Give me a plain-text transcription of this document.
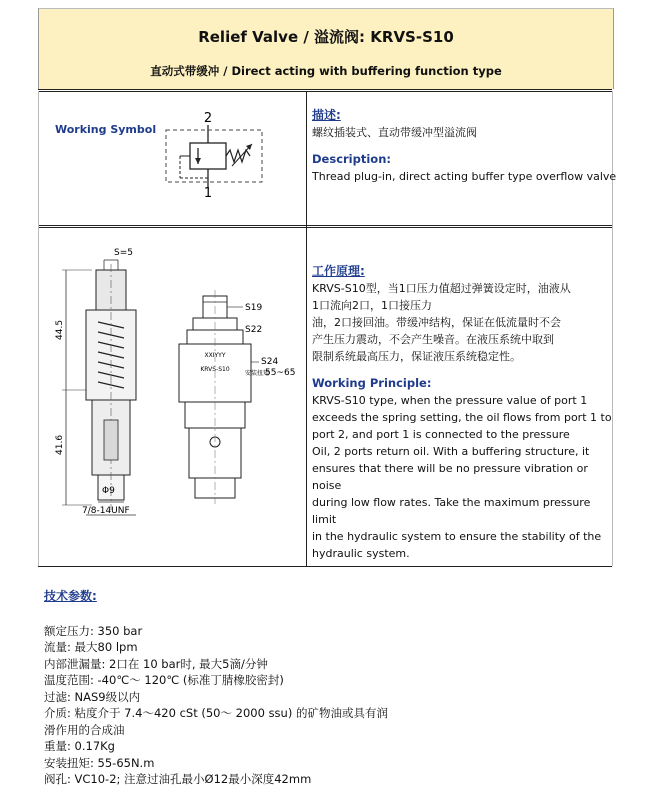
Relief Valve / 溢流阀: KRVS-S10
直动式带缓冲 / Direct acting with buffering function type
Working Symbol
2
1
描述:
螺纹插装式、直动带缓冲型溢流阀
Description:
Thread plug-in, direct acting buffer type overflow valve
S=5
44.5
41.6
Φ9
7/8-14UNF
XXIYYY
KRVS-S10
S19
S22
S24
安装扭矩
55~65
工作原理:
KRVS-S10型，当1口压力值超过弹簧设定时，油液从
1口流向2口，1口接压力
油，2口接回油。带缓冲结构，保证在低流量时不会
产生压力震动，不会产生噪音。在液压系统中取到
限制系统最高压力，保证液压系统稳定性。
Working Principle:
KRVS-S10 type, when the pressure value of port 1
exceeds the spring setting, the oil flows from port 1 to
port 2, and port 1 is connected to the pressure
Oil, 2 ports return oil. With a buffering structure, it
ensures that there will be no pressure vibration or noise
during low flow rates. Take the maximum pressure limit
in the hydraulic system to ensure the stability of the
hydraulic system.
技术参数:
额定压力: 350 bar
流量: 最大80 lpm
内部泄漏量: 2口在 10 bar时, 最大5滴/分钟
温度范围: -40℃～ 120℃ (标准丁腈橡胶密封)
过滤: NAS9级以内
介质: 粘度介于 7.4～420 cSt (50～ 2000 ssu) 的矿物油或具有润
滑作用的合成油
重量: 0.17Kg
安装扭矩: 55-65N.m
阀孔: VC10-2; 注意过油孔最小Ø12最小深度42mm
